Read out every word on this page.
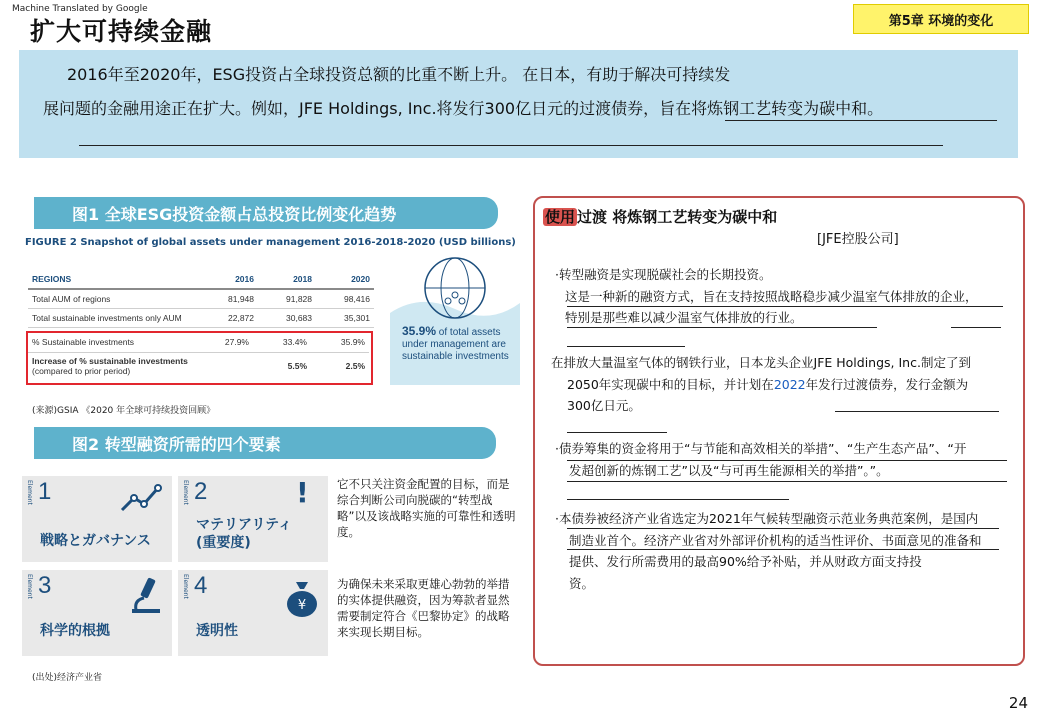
Machine Translated by Google
扩大可持续金融	第5章 环境的变化

2016年至2020年，ESG投资占全球投资总额的比重不断上升。 在日本，有助于解决可持续发

展问题的金融用途正在扩大。例如，JFE Holdings, Inc.将发行300亿日元的过渡债券，旨在将炼钢工艺转变为碳中和。

图1 全球ESG投资金额占总投资比例变化趋势
FIGURE 2 Snapshot of global assets under management 2016-2018-2020 (USD billions)
REGIONS	2016	2018	2020
Total AUM of regions	81,948	91,828	98,416
Total sustainable investments only AUM	22,872	30,683	35,301
% Sustainable investments	27.9%	33.4%	35.9%
Increase of % sustainable investments
(compared to prior period)		5.5%	2.5%
35.9% of total assets under management are sustainable investments
(来源)GSIA 《2020 年全球可持续投资回顾》
图2 转型融资所需的四个要素
Element 1
戦略とガバナンス
Element 2	!
マテリアリティ (重要度)
Element 3
科学的根拠
Element 4
¥
透明性
它不只关注资金配置的目标，而是综合判断公司向脱碳的“转型战略”以及该战略实施的可靠性和透明度。
为确保未来采取更雄心勃勃的举措的实体提供融资，因为筹款者显然需要制定符合《巴黎协定》的战略来实现长期目标。
(出处)经济产业省
使用 过渡 将炼钢工艺转变为碳中和
[JFE控股公司]
·转型融资是实现脱碳社会的长期投资。
这是一种新的融资方式，旨在支持按照战略稳步减少温室气体排放的企业，
特别是那些难以减少温室气体排放的行业。
在排放大量温室气体的钢铁行业，日本龙头企业JFE Holdings, Inc.制定了到
2050年实现碳中和的目标，并计划在2022年发行过渡债券，发行金额为
300亿日元。
·债券筹集的资金将用于“与节能和高效相关的举措”、“生产生态产品”、“开
发超创新的炼钢工艺”以及“与可再生能源相关的举措”。”。
·本债券被经济产业省选定为2021年气候转型融资示范业务典范案例，是国内
制造业首个。经济产业省对外部评价机构的适当性评价、书面意见的准备和
提供、发行所需费用的最高90%给予补贴，并从财政方面支持投
资。
24
